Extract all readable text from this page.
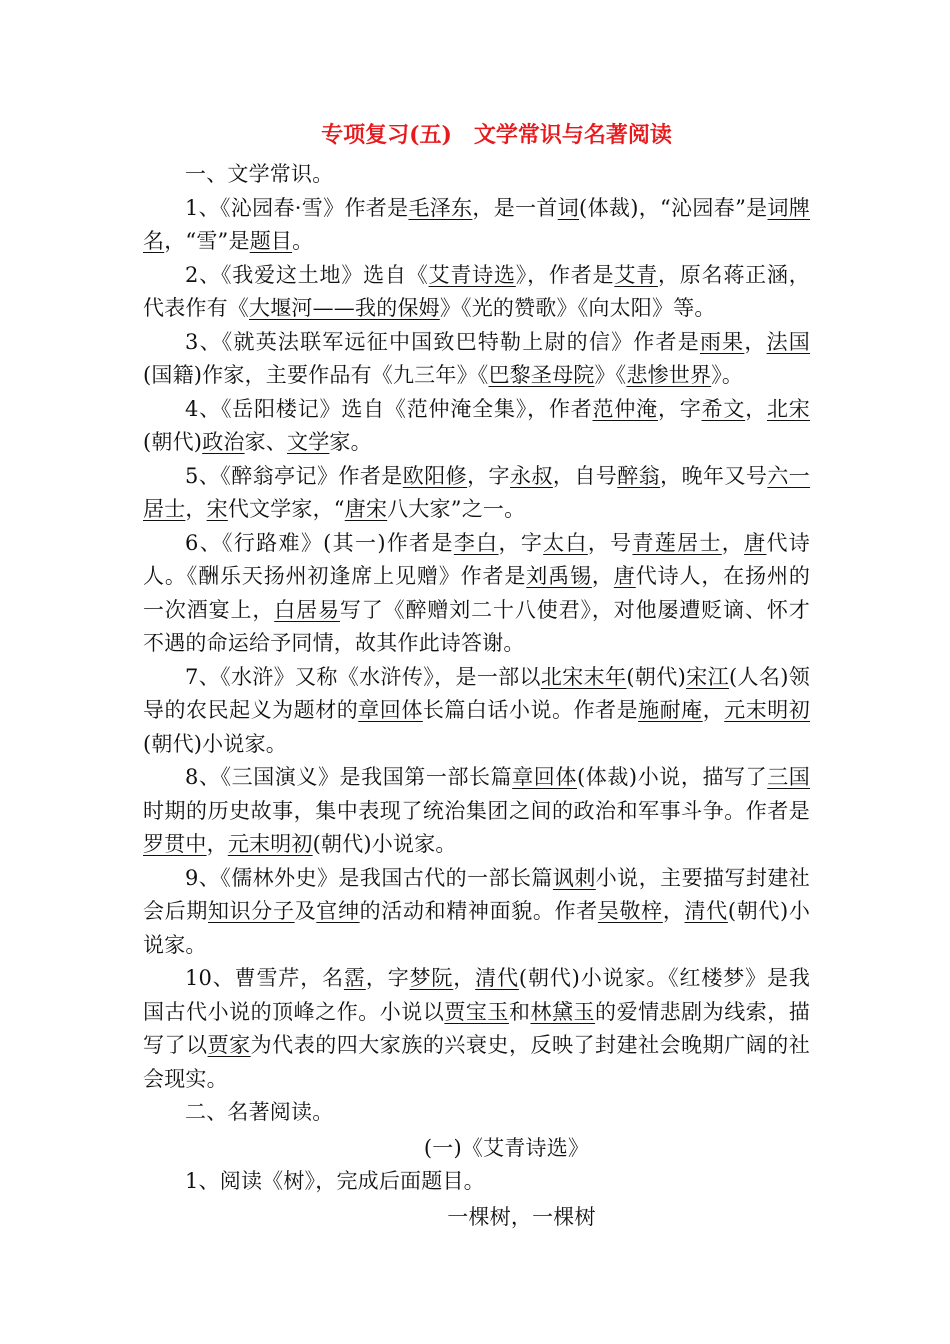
专项复习(五)　文学常识与名著阅读

一、文学常识。

1、《沁园春·雪》作者是毛泽东，是一首词(体裁)，“沁园春”是词牌名，“雪”是题目。

2、《我爱这土地》选自《艾青诗选》，作者是艾青，原名蒋正涵，代表作有《大堰河——我的保姆》《光的赞歌》《向太阳》等。

3、《就英法联军远征中国致巴特勒上尉的信》作者是雨果，法国(国籍)作家，主要作品有《九三年》《巴黎圣母院》《悲惨世界》。

4、《岳阳楼记》选自《范仲淹全集》，作者范仲淹，字希文，北宋(朝代)政治家、文学家。

5、《醉翁亭记》作者是欧阳修，字永叔，自号醉翁，晚年又号六一居士，宋代文学家，“唐宋八大家”之一。

6、《行路难》(其一)作者是李白，字太白，号青莲居士，唐代诗人。《酬乐天扬州初逢席上见赠》作者是刘禹锡，唐代诗人，在扬州的一次酒宴上，白居易写了《醉赠刘二十八使君》，对他屡遭贬谪、怀才不遇的命运给予同情，故其作此诗答谢。

7、《水浒》又称《水浒传》，是一部以北宋末年(朝代)宋江(人名)领导的农民起义为题材的章回体长篇白话小说。作者是施耐庵，元末明初(朝代)小说家。

8、《三国演义》是我国第一部长篇章回体(体裁)小说，描写了三国时期的历史故事，集中表现了统治集团之间的政治和军事斗争。作者是罗贯中，元末明初(朝代)小说家。

9、《儒林外史》是我国古代的一部长篇讽刺小说，主要描写封建社会后期知识分子及官绅的活动和精神面貌。作者吴敬梓，清代(朝代)小说家。

10、曹雪芹，名霑，字梦阮，清代(朝代)小说家。《红楼梦》是我国古代小说的顶峰之作。小说以贾宝玉和林黛玉的爱情悲剧为线索，描写了以贾家为代表的四大家族的兴衰史，反映了封建社会晚期广阔的社会现实。

二、名著阅读。

(一)《艾青诗选》

1、阅读《树》，完成后面题目。

一棵树，一棵树
